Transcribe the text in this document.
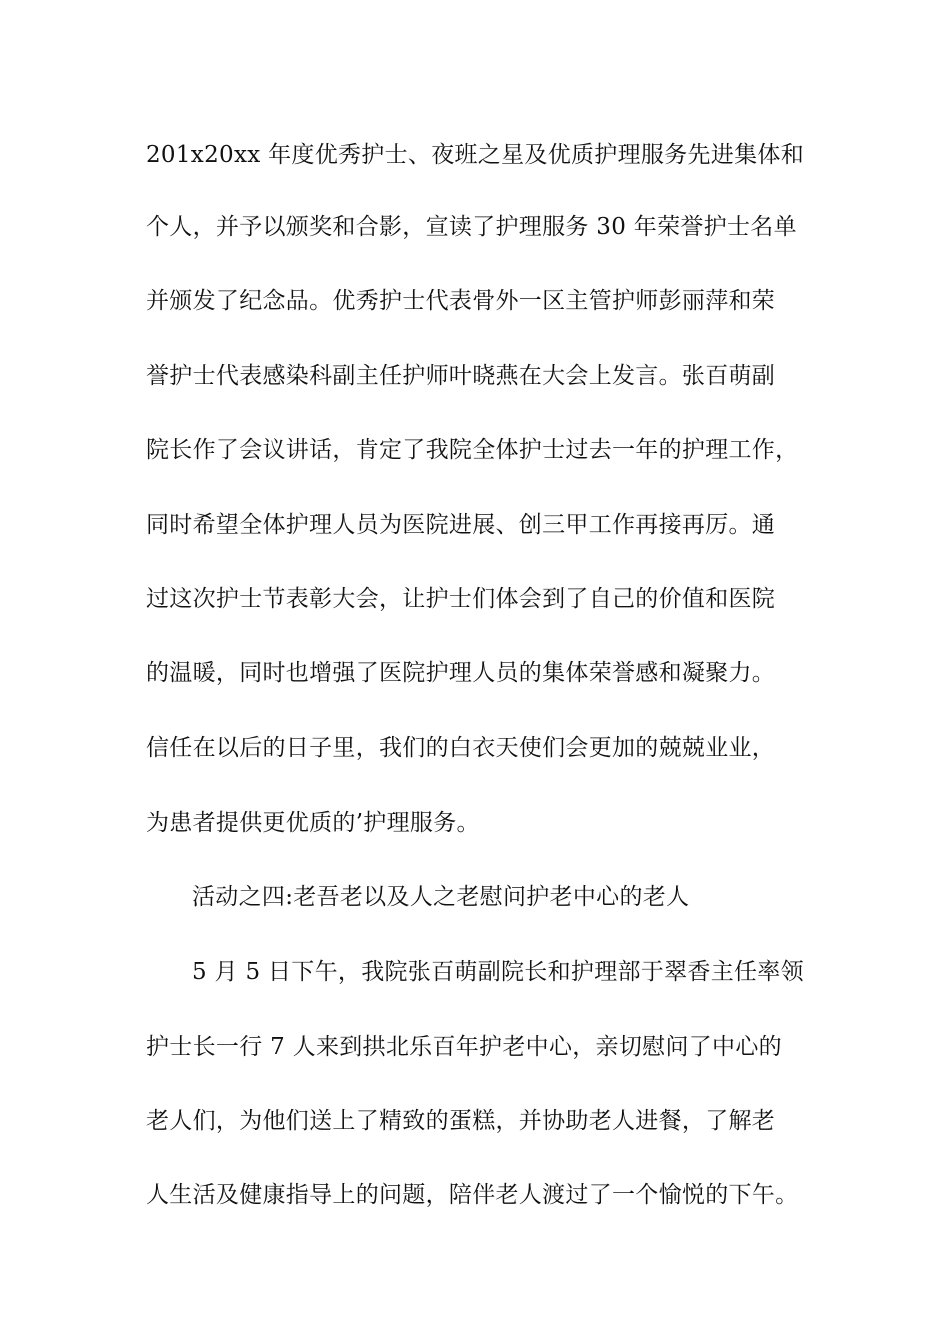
201x20xx 年度优秀护士、夜班之星及优质护理服务先进集体和
个人，并予以颁奖和合影，宣读了护理服务 30 年荣誉护士名单
并颁发了纪念品。优秀护士代表骨外一区主管护师彭丽萍和荣
誉护士代表感染科副主任护师叶晓燕在大会上发言。张百萌副
院长作了会议讲话，肯定了我院全体护士过去一年的护理工作，
同时希望全体护理人员为医院进展、创三甲工作再接再厉。通
过这次护士节表彰大会，让护士们体会到了自己的价值和医院
的温暖，同时也增强了医院护理人员的集体荣誉感和凝聚力。
信任在以后的日子里，我们的白衣天使们会更加的兢兢业业，
为患者提供更优质的’护理服务。
活动之四:老吾老以及人之老慰问护老中心的老人
5 月 5 日下午，我院张百萌副院长和护理部于翠香主任率领
护士长一行 7 人来到拱北乐百年护老中心，亲切慰问了中心的
老人们，为他们送上了精致的蛋糕，并协助老人进餐，了解老
人生活及健康指导上的问题，陪伴老人渡过了一个愉悦的下午。
